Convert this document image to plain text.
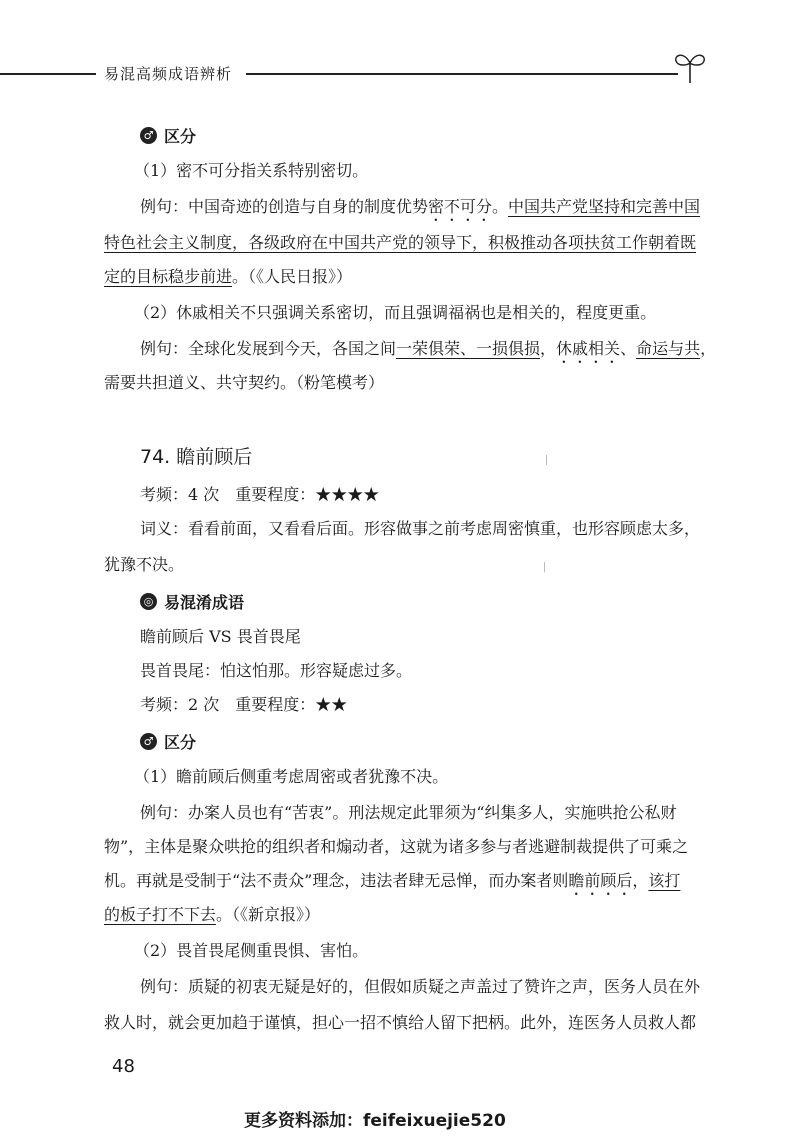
易混高频成语辨析
♂ 区分
（1）密不可分指关系特别密切。
例句：中国奇迹的创造与自身的制度优势密不可分。中国共产党坚持和完善中国
特色社会主义制度，各级政府在中国共产党的领导下，积极推动各项扶贫工作朝着既
定的目标稳步前进。（《人民日报》）
（2）休戚相关不只强调关系密切，而且强调福祸也是相关的，程度更重。
例句：全球化发展到今天，各国之间一荣俱荣、一损俱损，休戚相关、命运与共，
需要共担道义、共守契约。（粉笔模考）
74. 瞻前顾后
考频：4 次　重要程度：★★★★
词义：看看前面，又看看后面。形容做事之前考虑周密慎重，也形容顾虑太多，
犹豫不决。
◎ 易混淆成语
瞻前顾后 VS 畏首畏尾
畏首畏尾：怕这怕那。形容疑虑过多。
考频：2 次　重要程度：★★
♂ 区分
（1）瞻前顾后侧重考虑周密或者犹豫不决。
例句：办案人员也有“苦衷”。刑法规定此罪须为“纠集多人，实施哄抢公私财
物”，主体是聚众哄抢的组织者和煽动者，这就为诸多参与者逃避制裁提供了可乘之
机。再就是受制于“法不责众”理念，违法者肆无忌惮，而办案者则瞻前顾后，该打
的板子打不下去。（《新京报》）
（2）畏首畏尾侧重畏惧、害怕。
例句：质疑的初衷无疑是好的，但假如质疑之声盖过了赞许之声，医务人员在外
救人时，就会更加趋于谨慎，担心一招不慎给人留下把柄。此外，连医务人员救人都
48
更多资料添加：feifeixuejie520
